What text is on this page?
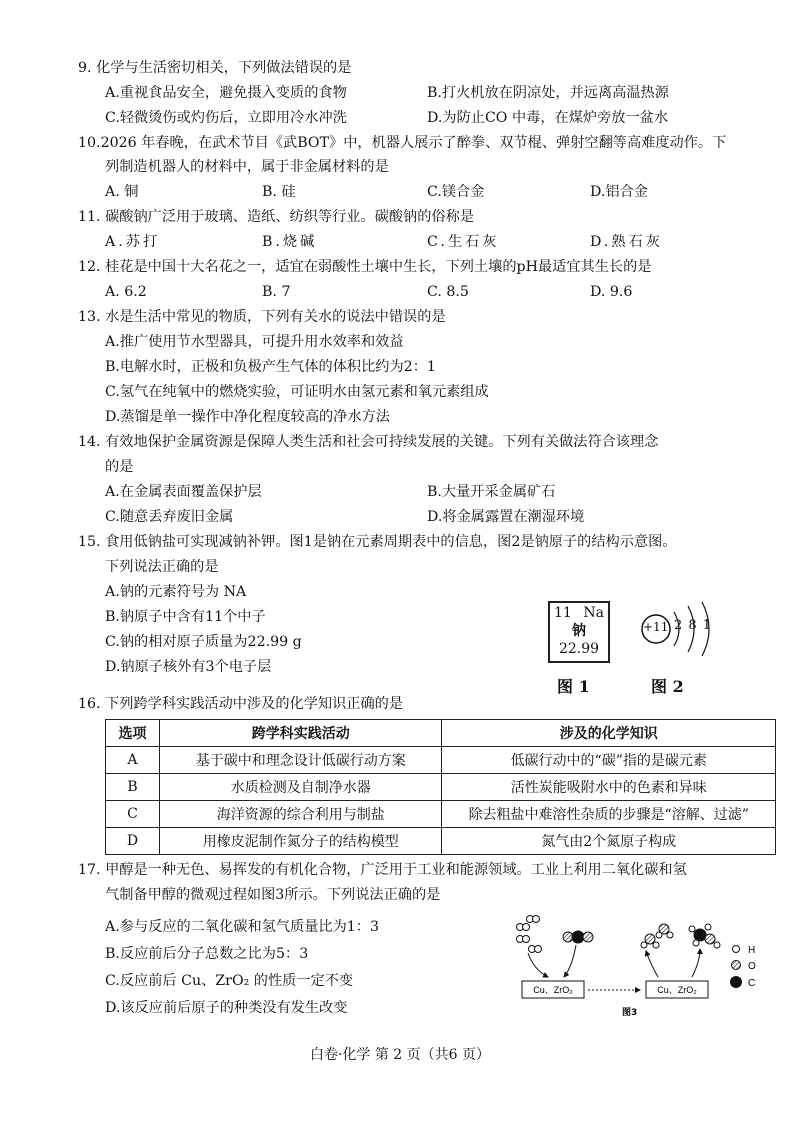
9. 化学与生活密切相关，下列做法错误的是
A.重视食品安全，避免摄入变质的食物	B.打火机放在阴凉处，并远离高温热源
C.轻微烫伤或灼伤后，立即用冷水冲洗	D.为防止CO 中毒，在煤炉旁放一盆水
10.2026 年春晚，在武术节目《武BOT》中，机器人展示了醉拳、双节棍、弹射空翻等高难度动作。下
列制造机器人的材料中，属于非金属材料的是
A. 铜	B. 硅	C.镁合金	D.铝合金
11. 碳酸钠广泛用于玻璃、造纸、纺织等行业。碳酸钠的俗称是
A.苏打	B.烧碱	C.生石灰	D.熟石灰
12. 桂花是中国十大名花之一，适宜在弱酸性土壤中生长，下列土壤的pH最适宜其生长的是
A. 6.2	B. 7	C. 8.5	D. 9.6
13. 水是生活中常见的物质，下列有关水的说法中错误的是
A.推广使用节水型器具，可提升用水效率和效益
B.电解水时，正极和负极产生气体的体积比约为2：1
C.氢气在纯氧中的燃烧实验，可证明水由氢元素和氧元素组成
D.蒸馏是单一操作中净化程度较高的净水方法
14. 有效地保护金属资源是保障人类生活和社会可持续发展的关键。下列有关做法符合该理念
的是
A.在金属表面覆盖保护层	B.大量开采金属矿石
C.随意丢弃废旧金属	D.将金属露置在潮湿环境
15. 食用低钠盐可实现减钠补钾。图1是钠在元素周期表中的信息，图2是钠原子的结构示意图。
下列说法正确的是
A.钠的元素符号为 NA
B.钠原子中含有11个中子
C.钠的相对原子质量为22.99 g
D.钠原子核外有3个电子层
11 Na
钠
22.99
图 1
+11 2 8 1
图 2
16. 下列跨学科实践活动中涉及的化学知识正确的是
选项	跨学科实践活动	涉及的化学知识
A	基于碳中和理念设计低碳行动方案	低碳行动中的“碳”指的是碳元素
B	水质检测及自制净水器	活性炭能吸附水中的色素和异味
C	海洋资源的综合利用与制盐	除去粗盐中难溶性杂质的步骤是“溶解、过滤”
D	用橡皮泥制作氮分子的结构模型	氮气由2个氮原子构成
17. 甲醇是一种无色、易挥发的有机化合物，广泛用于工业和能源领域。工业上利用二氧化碳和氢
气制备甲醇的微观过程如图3所示。下列说法正确的是
A.参与反应的二氧化碳和氢气质量比为1：3
B.反应前后分子总数之比为5：3
C.反应前后 Cu、ZrO₂ 的性质一定不变
D.该反应前后原子的种类没有发生改变
Cu、ZrO₂	Cu、ZrO₂
H
O
C
图3
白卷·化学 第 2 页（共6 页）
